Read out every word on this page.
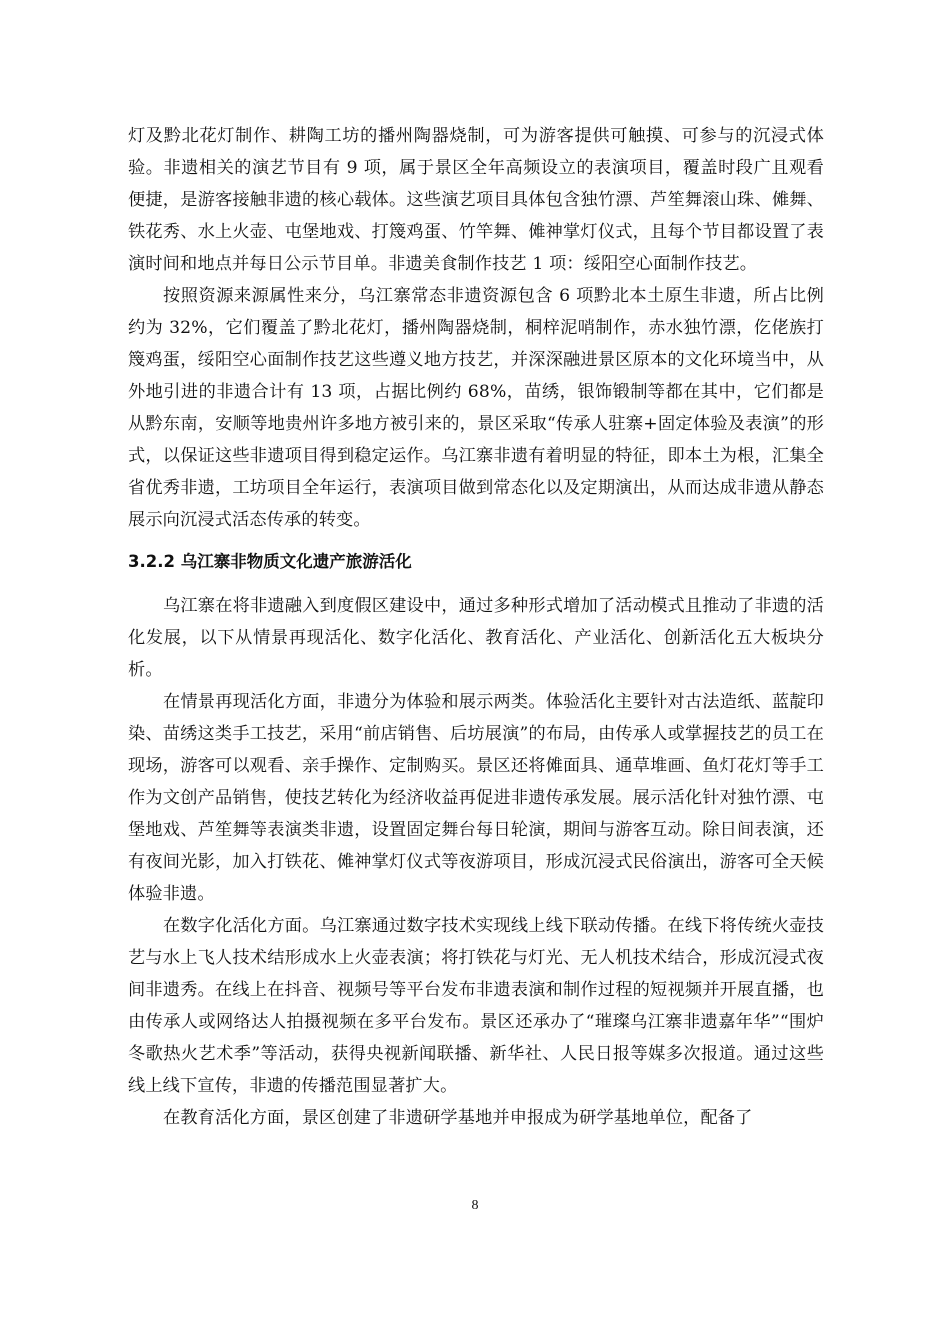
灯及黔北花灯制作、耕陶工坊的播州陶器烧制，可为游客提供可触摸、可参与的沉浸式体验。非遗相关的演艺节目有 9 项，属于景区全年高频设立的表演项目，覆盖时段广且观看便捷，是游客接触非遗的核心载体。这些演艺项目具体包含独竹漂、芦笙舞滚山珠、傩舞、铁花秀、水上火壶、屯堡地戏、打篾鸡蛋、竹竿舞、傩神掌灯仪式，且每个节目都设置了表演时间和地点并每日公示节目单。非遗美食制作技艺 1 项：绥阳空心面制作技艺。

按照资源来源属性来分，乌江寨常态非遗资源包含 6 项黔北本土原生非遗，所占比例约为 32%，它们覆盖了黔北花灯，播州陶器烧制，桐梓泥哨制作，赤水独竹漂，仡佬族打篾鸡蛋，绥阳空心面制作技艺这些遵义地方技艺，并深深融进景区原本的文化环境当中，从外地引进的非遗合计有 13 项，占据比例约 68%，苗绣，银饰锻制等都在其中，它们都是从黔东南，安顺等地贵州许多地方被引来的，景区采取“传承人驻寨+固定体验及表演”的形式，以保证这些非遗项目得到稳定运作。乌江寨非遗有着明显的特征，即本土为根，汇集全省优秀非遗，工坊项目全年运行，表演项目做到常态化以及定期演出，从而达成非遗从静态展示向沉浸式活态传承的转变。

3.2.2 乌江寨非物质文化遗产旅游活化

乌江寨在将非遗融入到度假区建设中，通过多种形式增加了活动模式且推动了非遗的活化发展，以下从情景再现活化、数字化活化、教育活化、产业活化、创新活化五大板块分析。

在情景再现活化方面，非遗分为体验和展示两类。体验活化主要针对古法造纸、蓝靛印染、苗绣这类手工技艺，采用“前店销售、后坊展演”的布局，由传承人或掌握技艺的员工在现场，游客可以观看、亲手操作、定制购买。景区还将傩面具、通草堆画、鱼灯花灯等手工作为文创产品销售，使技艺转化为经济收益再促进非遗传承发展。展示活化针对独竹漂、屯堡地戏、芦笙舞等表演类非遗，设置固定舞台每日轮演，期间与游客互动。除日间表演，还有夜间光影，加入打铁花、傩神掌灯仪式等夜游项目，形成沉浸式民俗演出，游客可全天候体验非遗。

在数字化活化方面。乌江寨通过数字技术实现线上线下联动传播。在线下将传统火壶技艺与水上飞人技术结形成水上火壶表演；将打铁花与灯光、无人机技术结合，形成沉浸式夜间非遗秀。在线上在抖音、视频号等平台发布非遗表演和制作过程的短视频并开展直播，也由传承人或网络达人拍摄视频在多平台发布。景区还承办了“璀璨乌江寨非遗嘉年华”“围炉冬歌热火艺术季”等活动，获得央视新闻联播、新华社、人民日报等媒多次报道。通过这些线上线下宣传，非遗的传播范围显著扩大。

在教育活化方面，景区创建了非遗研学基地并申报成为研学基地单位，配备了

8
